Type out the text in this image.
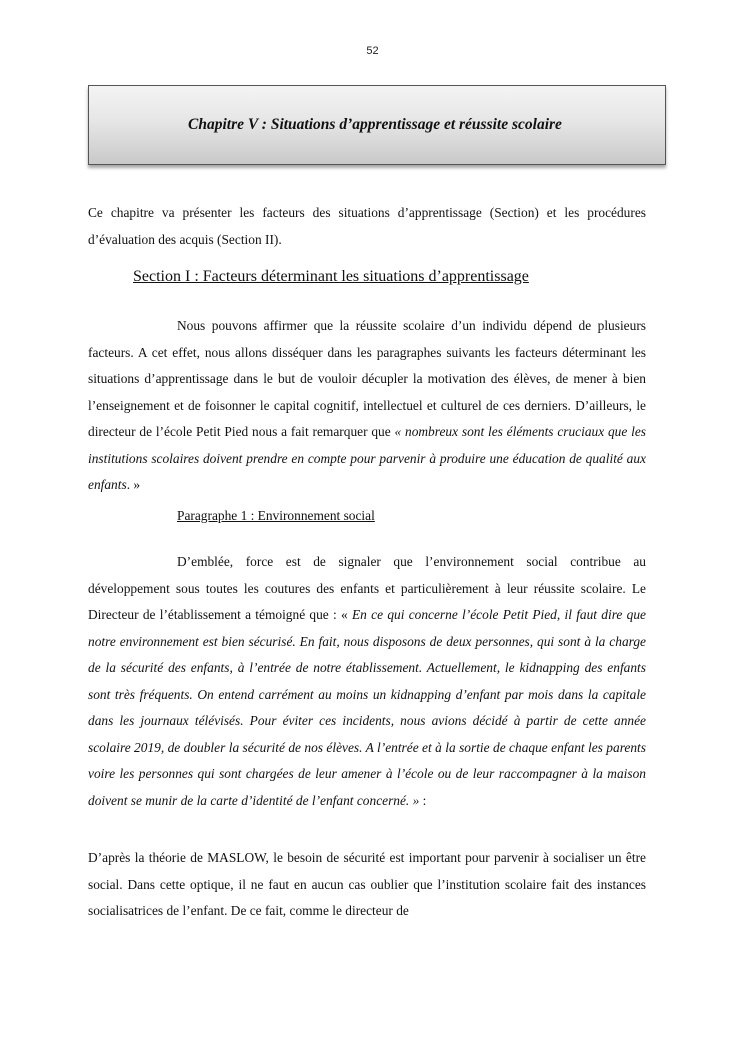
52
Chapitre V : Situations d’apprentissage et réussite scolaire
Ce chapitre va présenter les facteurs des situations d’apprentissage (Section) et les procédures d’évaluation des acquis (Section II).
Section I : Facteurs déterminant les situations d’apprentissage
Nous pouvons affirmer que la réussite scolaire d’un individu dépend de plusieurs facteurs. A cet effet, nous allons disséquer dans les paragraphes suivants les facteurs déterminant les situations d’apprentissage dans le but de vouloir décupler la motivation des élèves, de mener à bien l’enseignement et de foisonner le capital cognitif, intellectuel et culturel de ces derniers. D’ailleurs, le directeur de l’école Petit Pied nous a fait remarquer que « nombreux sont les éléments cruciaux que les institutions scolaires doivent prendre en compte pour parvenir à produire une éducation de qualité aux enfants. »
Paragraphe 1 : Environnement social
D’emblée, force est de signaler que l’environnement social contribue au développement sous toutes les coutures des enfants et particulièrement à leur réussite scolaire. Le Directeur de l’établissement a témoigné que : « En ce qui concerne l’école Petit Pied, il faut dire que notre environnement est bien sécurisé. En fait, nous disposons de deux personnes, qui sont à la charge de la sécurité des enfants, à l’entrée de notre établissement. Actuellement, le kidnapping des enfants sont très fréquents. On entend carrément au moins un kidnapping d’enfant par mois dans la capitale dans les journaux télévisés. Pour éviter ces incidents, nous avions décidé à partir de cette année scolaire 2019, de doubler la sécurité de nos élèves. A l’entrée et à la sortie de chaque enfant les parents voire les personnes qui sont chargées de leur amener à l’école ou de leur raccompagner à la maison doivent se munir de la carte d’identité de l’enfant concerné. » :
D’après la théorie de MASLOW, le besoin de sécurité est important pour parvenir à socialiser un être social. Dans cette optique, il ne faut en aucun cas oublier que l’institution scolaire fait des instances socialisatrices de l’enfant. De ce fait, comme le directeur de
